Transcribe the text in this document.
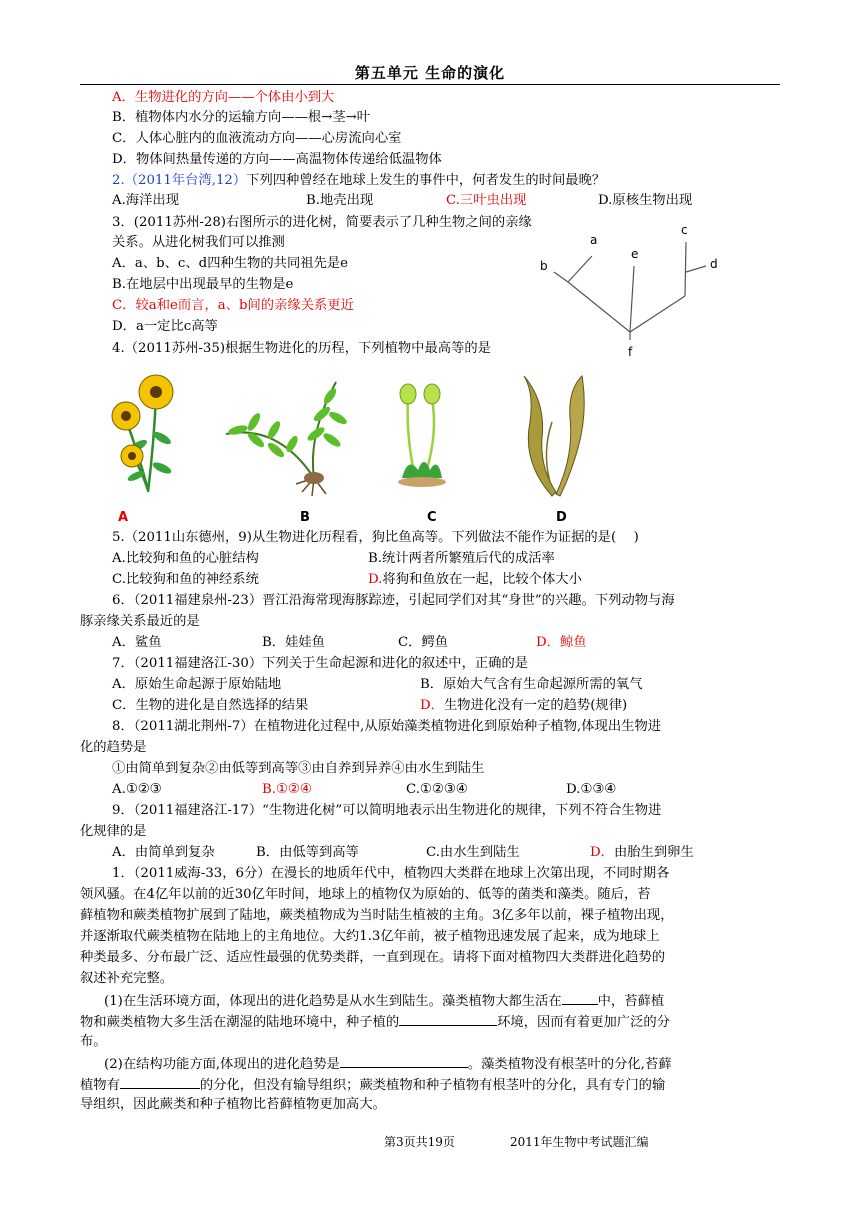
第五单元 生命的演化
A．生物进化的方向——个体由小到大
B．植物体内水分的运输方向——根→茎→叶
C．人体心脏内的血液流动方向——心房流向心室
D．物体间热量传递的方向——高温物体传递给低温物体
2.（2011年台湾,12）下列四种曾经在地球上发生的事件中，何者发生的时间最晚？
A.海洋出现	B.地壳出现	C.三叶虫出现	D.原核生物出现
3．(2011苏州-28)右图所示的进化树，简要表示了几种生物之间的亲缘
关系。从进化树我们可以推测
A．a、b、c、d四种生物的共同祖先是e
B.在地层中出现最早的生物是e
C．较a和e而言，a、b间的亲缘关系更近
D．a一定比c高等
a
b
c
d
e
f
4.（2011苏州-35)根据生物进化的历程，下列植物中最高等的是
A	B	C	D
5.（2011山东德州，9)从生物进化历程看，狗比鱼高等。下列做法不能作为证据的是(　 )
A.比较狗和鱼的心脏结构	B.统计两者所繁殖后代的成活率
C.比较狗和鱼的神经系统	D.将狗和鱼放在一起，比较个体大小
6．（2011福建泉州-23）晋江沿海常现海豚踪迹，引起同学们对其“身世”的兴趣。下列动物与海
豚亲缘关系最近的是
A．鲨鱼	B．娃娃鱼	C．鳄鱼	D．鲸鱼
7．（2011福建洛江-30）下列关于生命起源和进化的叙述中，正确的是
A．原始生命起源于原始陆地	B．原始大气含有生命起源所需的氧气
C．生物的进化是自然选择的结果	D．生物进化没有一定的趋势(规律)
8．（2011湖北荆州-7）在植物进化过程中,从原始藻类植物进化到原始种子植物,体现出生物进
化的趋势是
①由简单到复杂②由低等到高等③由自养到异养④由水生到陆生
A.①②③	B.①②④	C.①②③④	D.①③④
9．（2011福建洛江-17）“生物进化树”可以简明地表示出生物进化的规律，下列不符合生物进
化规律的是
A．由简单到复杂	B．由低等到高等	C.由水生到陆生	D．由胎生到卵生
1．（2011威海-33，6分）在漫长的地质年代中，植物四大类群在地球上次第出现，不同时期各
领风骚。在4亿年以前的近30亿年时间，地球上的植物仅为原始的、低等的菌类和藻类。随后，苔
藓植物和蕨类植物扩展到了陆地，蕨类植物成为当时陆生植被的主角。3亿多年以前，裸子植物出现，
并逐渐取代蕨类植物在陆地上的主角地位。大约1.3亿年前，被子植物迅速发展了起来，成为地球上
种类最多、分布最广泛、适应性最强的优势类群，一直到现在。请将下面对植物四大类群进化趋势的
叙述补充完整。
(1)在生活环境方面，体现出的进化趋势是从水生到陆生。藻类植物大都生活在	中，苔藓植
物和蕨类植物大多生活在潮湿的陆地环境中，种子植的	环境，因而有着更加广泛的分
布。
(2)在结构功能方面,体现出的进化趋势是	。藻类植物没有根茎叶的分化,苔藓
植物有	的分化，但没有输导组织；蕨类植物和种子植物有根茎叶的分化，具有专门的输
导组织，因此蕨类和种子植物比苔藓植物更加高大。
第3页共19页	2011年生物中考试题汇编
